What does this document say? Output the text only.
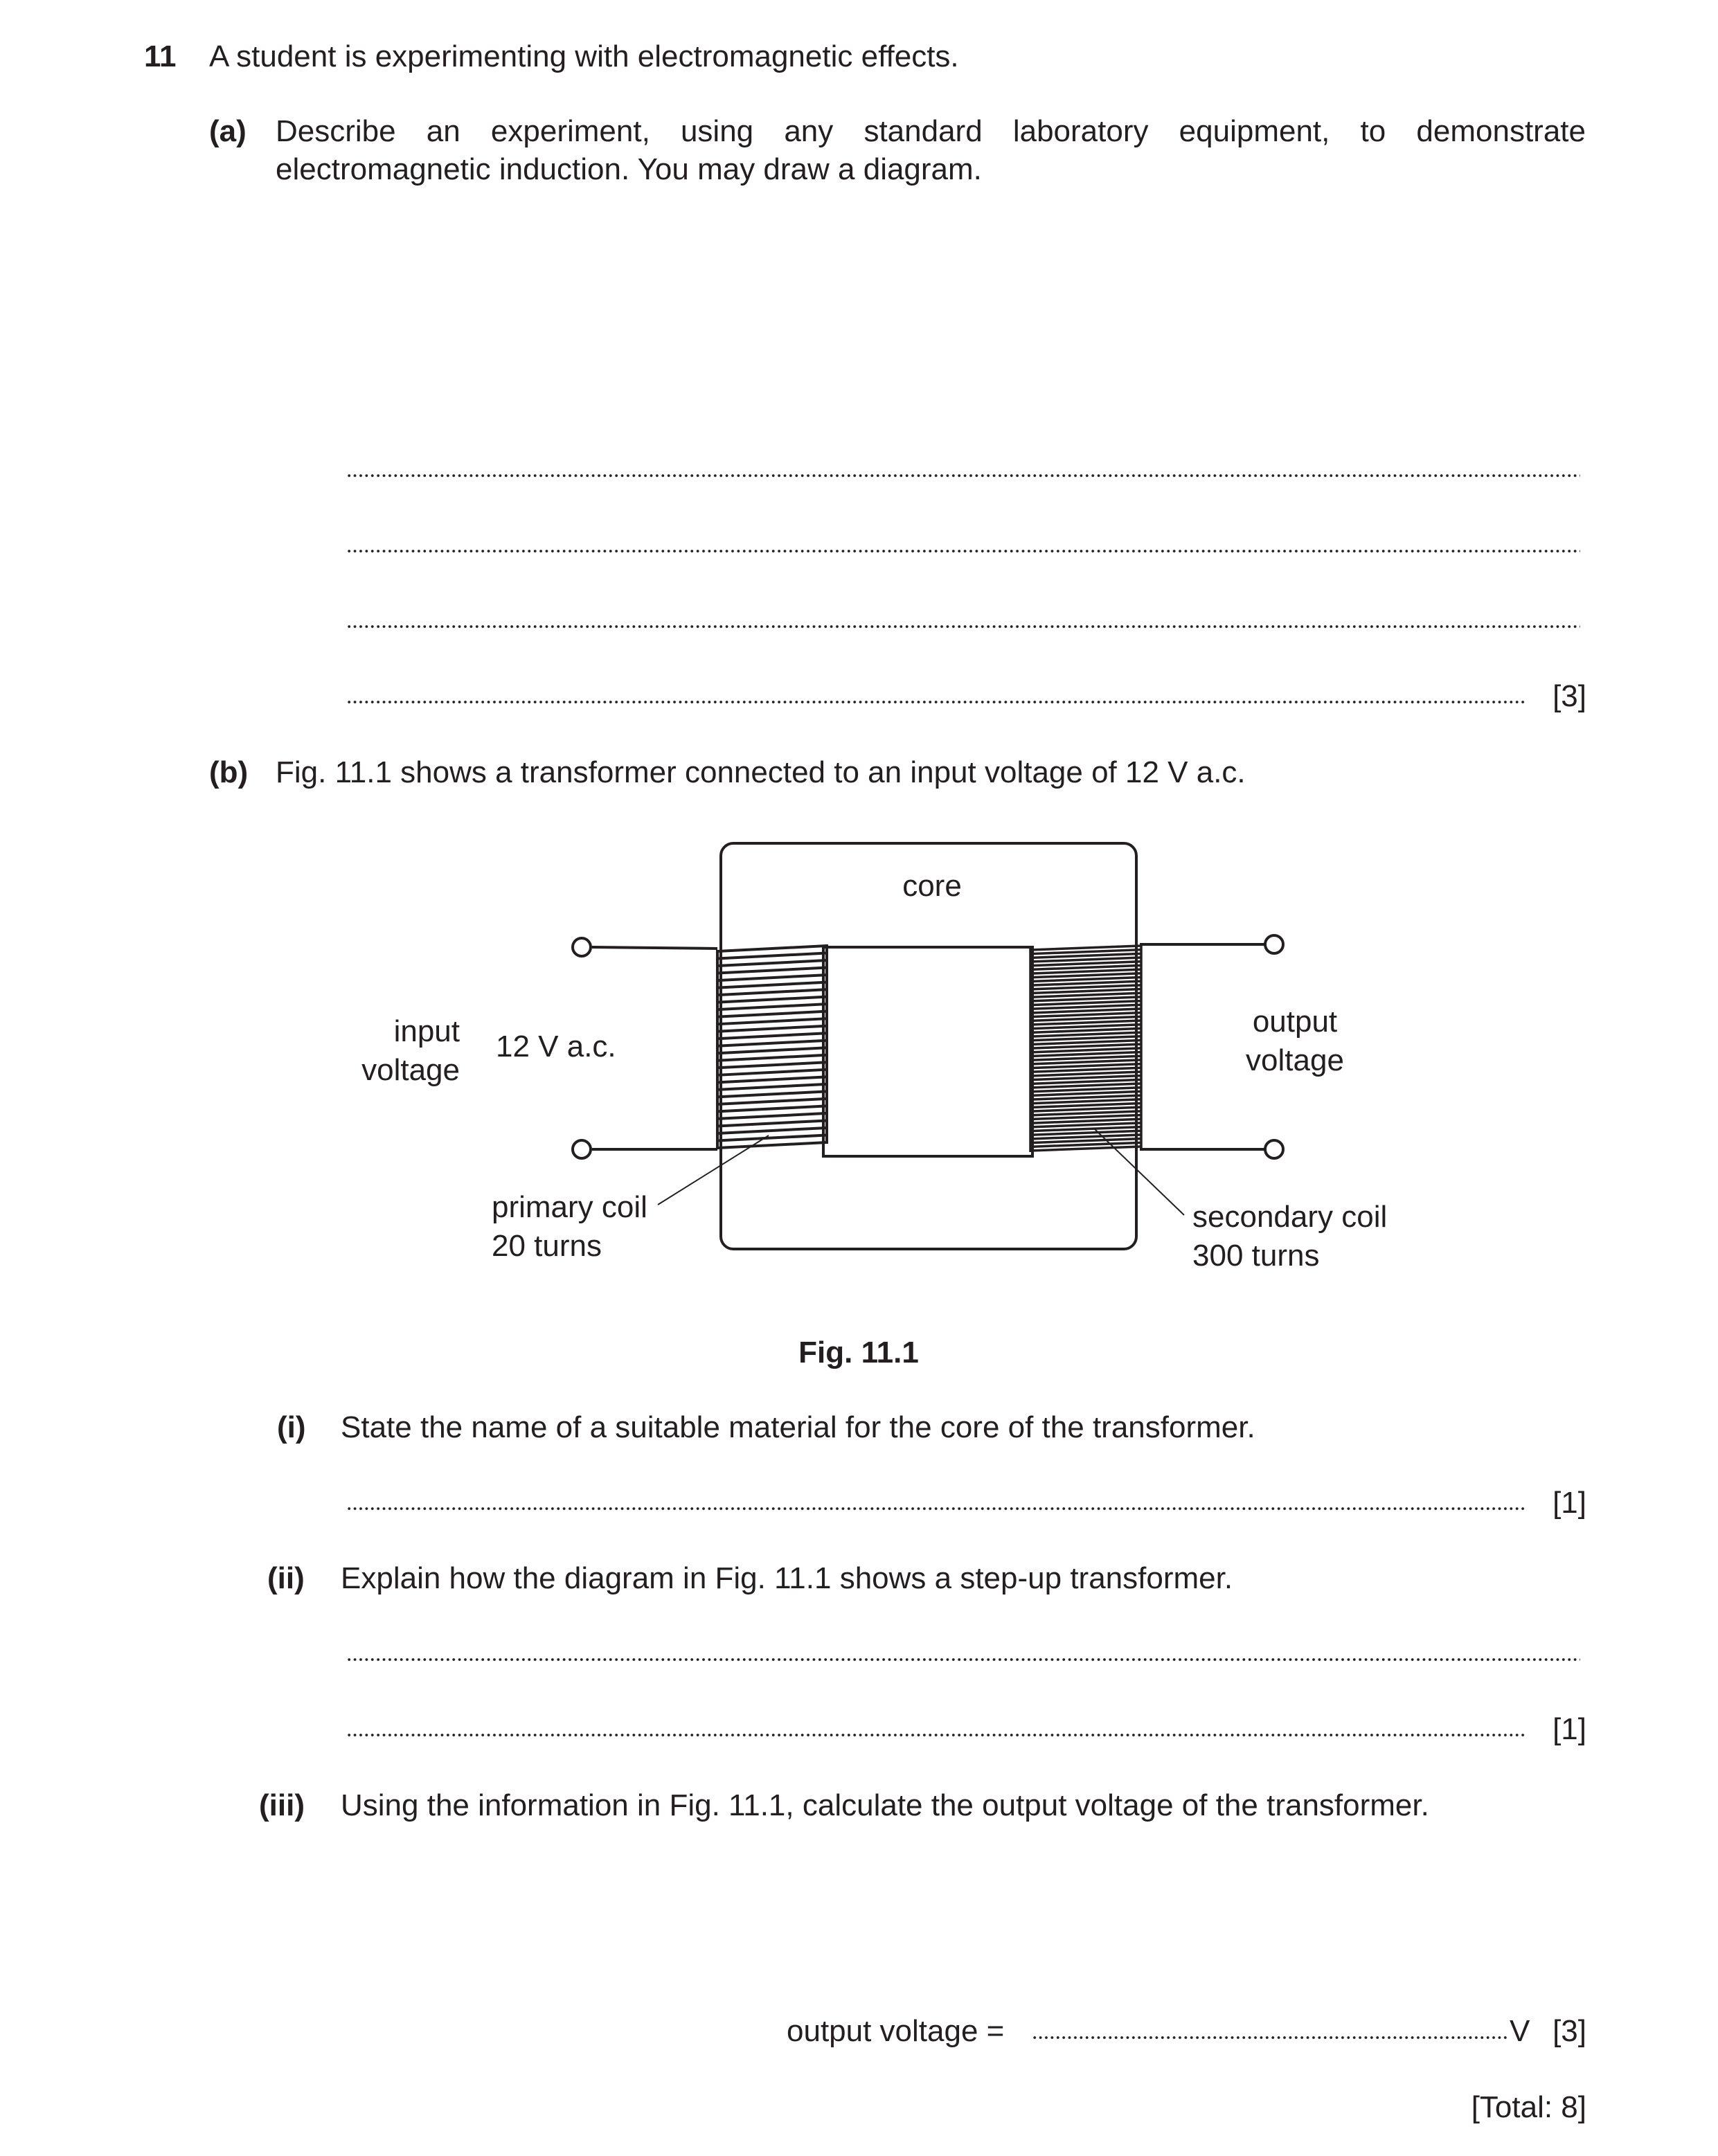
11 A student is experimenting with electromagnetic effects.
(a) Describe an experiment, using any standard laboratory equipment, to demonstrate electromagnetic induction. You may draw a diagram.
[3]
(b) Fig. 11.1 shows a transformer connected to an input voltage of 12 V a.c.
core
input
voltage
12 V a.c.
output
voltage
primary coil
20 turns
secondary coil
300 turns
Fig. 11.1
(i) State the name of a suitable material for the core of the transformer.
[1]
(ii) Explain how the diagram in Fig. 11.1 shows a step-up transformer.
[1]
(iii) Using the information in Fig. 11.1, calculate the output voltage of the transformer.
output voltage =	V [3]
[Total: 8]
